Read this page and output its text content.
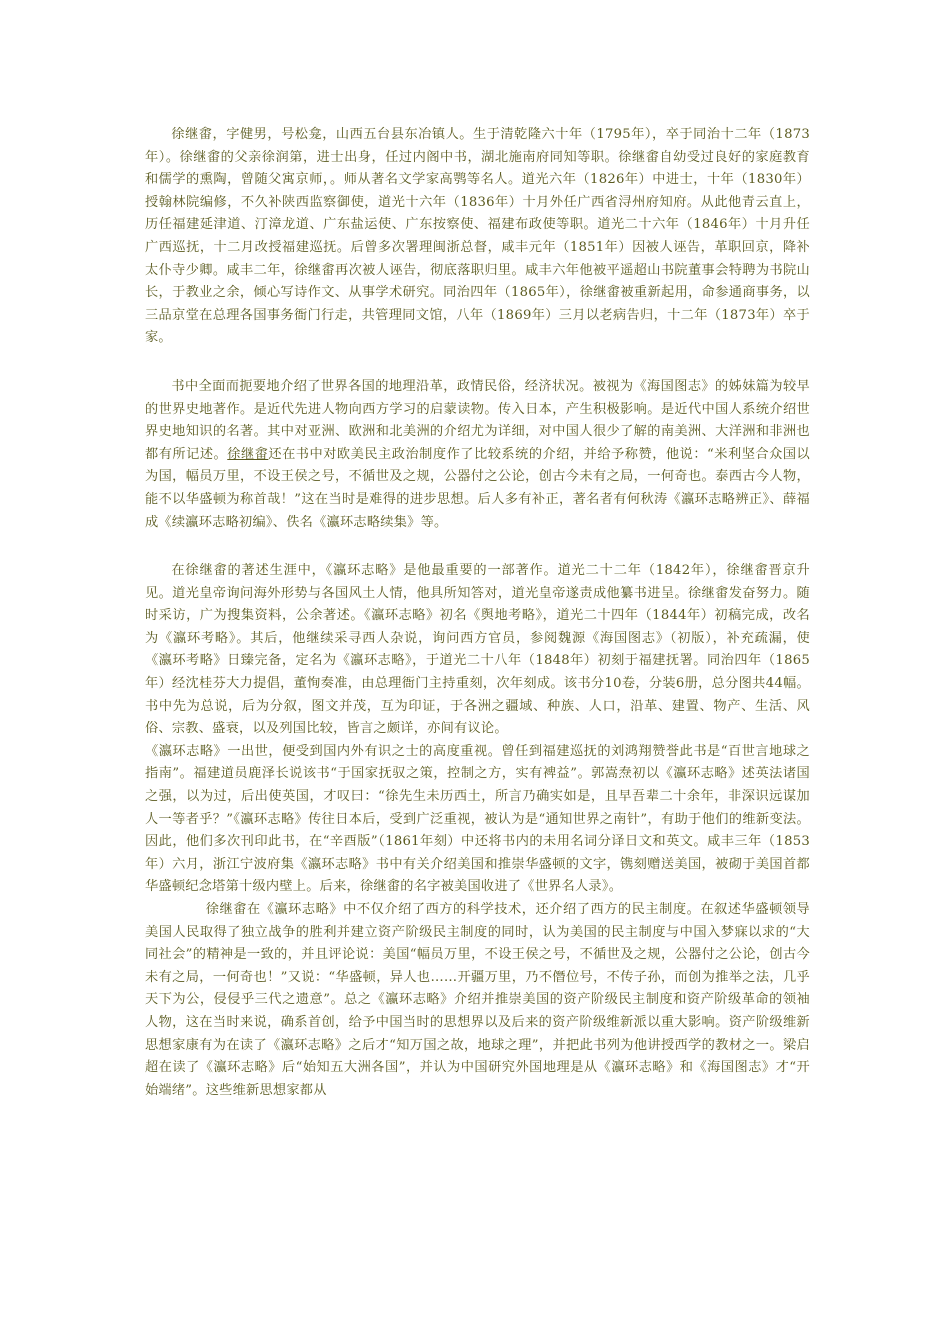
徐继畬，字健男，号松龛，山西五台县东冶镇人。生于清乾隆六十年（1795年），卒于同治十二年（1873年）。徐继畬的父亲徐润第，进士出身，任过内阁中书，湖北施南府同知等职。徐继畬自幼受过良好的家庭教育和儒学的熏陶，曾随父寓京师，。师从著名文学家高鹗等名人。道光六年（1826年）中进士，十年（1830年）授翰林院编修，不久补陕西监察御使，道光十六年（1836年）十月外任广西省浔州府知府。从此他青云直上，历任福建延津道、汀漳龙道、广东盐运使、广东按察使、福建布政使等职。道光二十六年（1846年）十月升任广西巡抚，十二月改授福建巡抚。后曾多次署理闽浙总督，咸丰元年（1851年）因被人诬告，革职回京，降补太仆寺少卿。咸丰二年，徐继畬再次被人诬告，彻底落职归里。咸丰六年他被平遥超山书院董事会特聘为书院山长，于教业之余，倾心写诗作文、从事学术研究。同治四年（1865年），徐继畬被重新起用，命参通商事务，以三品京堂在总理各国事务衙门行走，共管理同文馆，八年（1869年）三月以老病告归，十二年（1873年）卒于家。

书中全面而扼要地介绍了世界各国的地理沿革，政情民俗，经济状况。被视为《海国图志》的姊妹篇为较早的世界史地著作。是近代先进人物向西方学习的启蒙读物。传入日本，产生积极影响。是近代中国人系统介绍世界史地知识的名著。其中对亚洲、欧洲和北美洲的介绍尤为详细，对中国人很少了解的南美洲、大洋洲和非洲也都有所记述。徐继畬还在书中对欧美民主政治制度作了比较系统的介绍，并给予称赞，他说：“米利坚合众国以为国，幅员万里，不设王侯之号，不循世及之规，公器付之公论，创古今未有之局，一何奇也。泰西古今人物，能不以华盛顿为称首哉！”这在当时是难得的进步思想。后人多有补正，著名者有何秋涛《瀛环志略辨正》、薛福成《续瀛环志略初编》、佚名《瀛环志略续集》等。

在徐继畬的著述生涯中，《瀛环志略》是他最重要的一部著作。道光二十二年（1842年），徐继畬晋京升见。道光皇帝询问海外形势与各国风土人情，他具所知答对，道光皇帝遂责成他纂书进呈。徐继畬发奋努力。随时采访，广为搜集资料，公余著述。《瀛环志略》初名《舆地考略》，道光二十四年（1844年）初稿完成，改名为《瀛环考略》。其后，他继续采寻西人杂说，询问西方官员，参阅魏源《海国图志》（初版），补充疏漏，使《瀛环考略》日臻完备，定名为《瀛环志略》，于道光二十八年（1848年）初刻于福建抚署。同治四年（1865年）经沈桂芬大力提倡，董恂奏准，由总理衙门主持重刻，次年刻成。该书分10卷，分装6册，总分图共44幅。书中先为总说，后为分叙，图文并茂，互为印证，于各洲之疆域、种族、人口，沿革、建置、物产、生活、风俗、宗教、盛衰，以及列国比较，皆言之颇详，亦间有议论。

《瀛环志略》一出世，便受到国内外有识之士的高度重视。曾任到福建巡抚的刘鸿翔赞誉此书是“百世言地球之指南”。福建道员鹿泽长说该书“于国家抚驭之策，控制之方，实有裨益”。郭嵩焘初以《瀛环志略》述英法诸国之强，以为过，后出使英国，才叹曰：“徐先生未历西土，所言乃确实如是，且早吾辈二十余年，非深识远谋加人一等者乎？”《瀛环志略》传往日本后，受到广泛重视，被认为是“通知世界之南针”，有助于他们的维新变法。因此，他们多次刊印此书，在“辛酉版”（1861年刻）中还将书内的未用名词分译日文和英文。咸丰三年（1853年）六月，浙江宁波府集《瀛环志略》书中有关介绍美国和推崇华盛顿的文字，镌刻赠送美国，被砌于美国首都华盛顿纪念塔第十级内壁上。后来，徐继畬的名字被美国收进了《世界名人录》。

徐继畬在《瀛环志略》中不仅介绍了西方的科学技术，还介绍了西方的民主制度。在叙述华盛顿领导美国人民取得了独立战争的胜利并建立资产阶级民主制度的同时，认为美国的民主制度与中国入梦寐以求的“大同社会”的精神是一致的，并且评论说：美国“幅员万里，不设王侯之号，不循世及之规，公器付之公论，创古今未有之局，一何奇也！”又说：“华盛顿，异人也……开疆万里，乃不僭位号，不传子孙，而创为推举之法，几乎天下为公，侵侵乎三代之遗意”。总之《瀛环志略》介绍并推崇美国的资产阶级民主制度和资产阶级革命的领袖人物，这在当时来说，确系首创，给予中国当时的思想界以及后来的资产阶级维新派以重大影响。资产阶级维新思想家康有为在读了《瀛环志略》之后才“知万国之故，地球之理”，并把此书列为他讲授西学的教材之一。梁启超在读了《瀛环志略》后“始知五大洲各国”，并认为中国研究外国地理是从《瀛环志略》和《海国图志》才“开始端绪”。这些维新思想家都从
